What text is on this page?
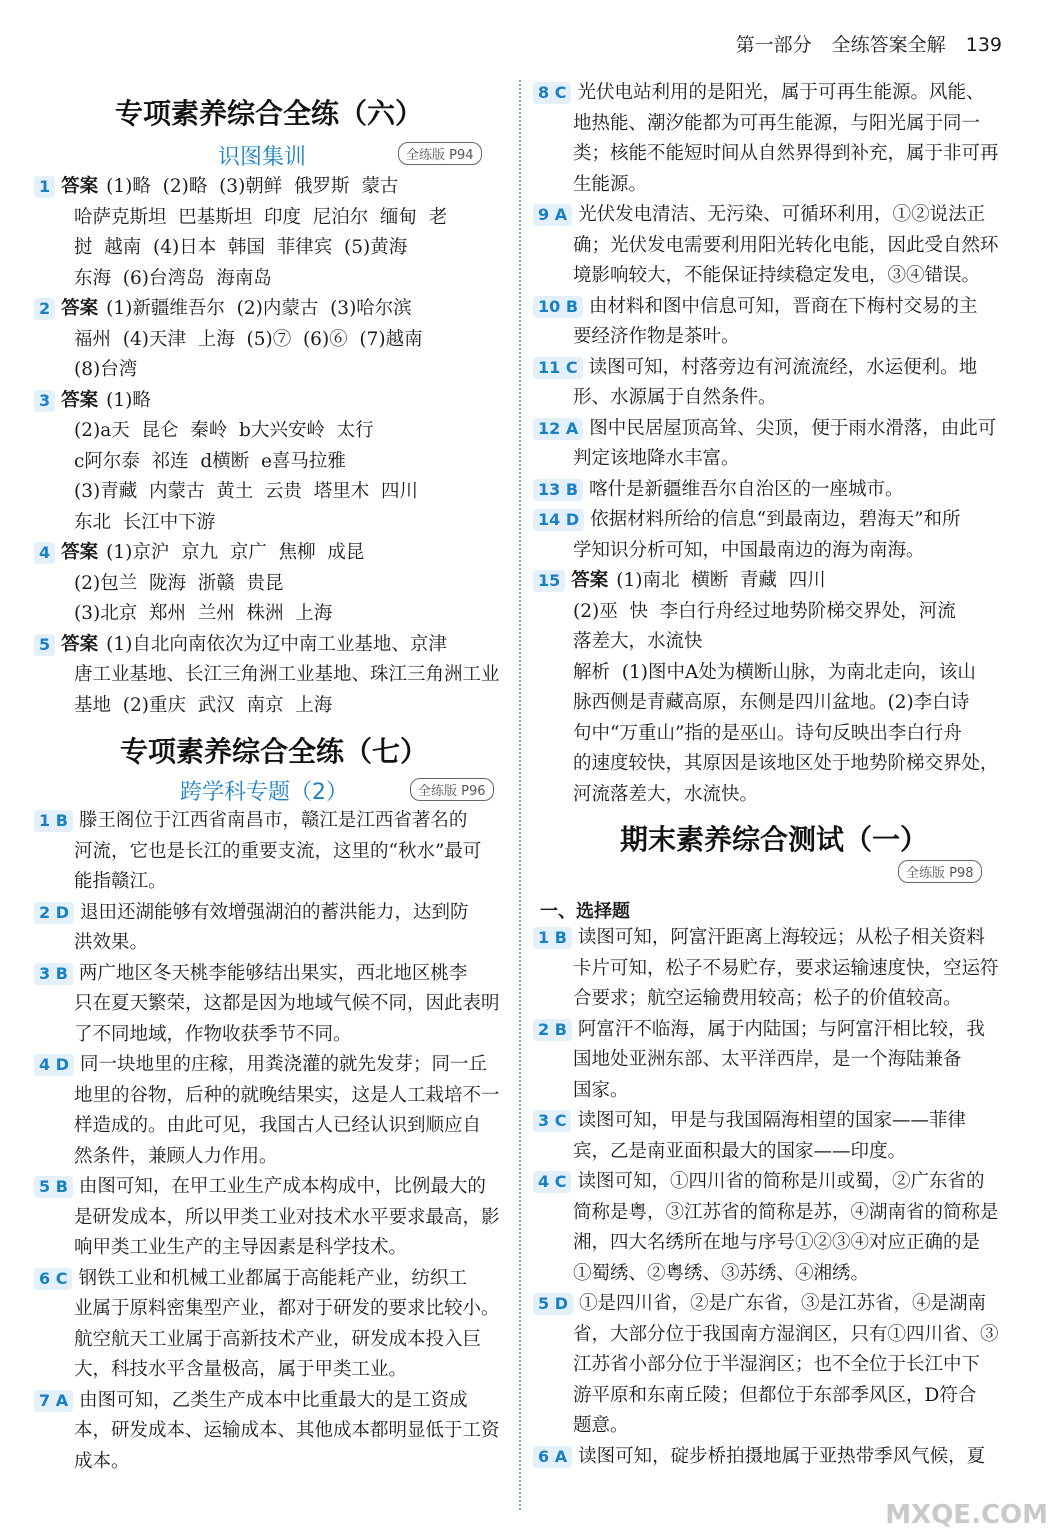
第一部分 全练答案全解 139
专项素养综合全练（六）
识图集训	全练版 P94
1 答案 (1)略  (2)略  (3)朝鲜  俄罗斯  蒙古
哈萨克斯坦  巴基斯坦  印度  尼泊尔  缅甸  老
挝  越南  (4)日本  韩国  菲律宾  (5)黄海
东海  (6)台湾岛  海南岛
2 答案 (1)新疆维吾尔  (2)内蒙古  (3)哈尔滨
福州  (4)天津  上海  (5)⑦  (6)⑥  (7)越南
(8)台湾
3 答案 (1)略
(2)a天  昆仑  秦岭  b大兴安岭  太行
c阿尔泰  祁连  d横断  e喜马拉雅
(3)青藏  内蒙古  黄土  云贵  塔里木  四川
东北  长江中下游
4 答案 (1)京沪  京九  京广  焦柳  成昆
(2)包兰  陇海  浙赣  贵昆
(3)北京  郑州  兰州  株洲  上海
5 答案 (1)自北向南依次为辽中南工业基地、京津
唐工业基地、长江三角洲工业基地、珠江三角洲工业
基地  (2)重庆  武汉  南京  上海
专项素养综合全练（七）
跨学科专题（2）	全练版 P96
1 B 滕王阁位于江西省南昌市，赣江是江西省著名的
河流，它也是长江的重要支流，这里的“秋水”最可
能指赣江。
2 D 退田还湖能够有效增强湖泊的蓄洪能力，达到防
洪效果。
3 B 两广地区冬天桃李能够结出果实，西北地区桃李
只在夏天繁荣，这都是因为地域气候不同，因此表明
了不同地域，作物收获季节不同。
4 D 同一块地里的庄稼，用粪浇灌的就先发芽；同一丘
地里的谷物，后种的就晚结果实，这是人工栽培不一
样造成的。由此可见，我国古人已经认识到顺应自
然条件，兼顾人力作用。
5 B 由图可知，在甲工业生产成本构成中，比例最大的
是研发成本，所以甲类工业对技术水平要求最高，影
响甲类工业生产的主导因素是科学技术。
6 C 钢铁工业和机械工业都属于高能耗产业，纺织工
业属于原料密集型产业，都对于研发的要求比较小。
航空航天工业属于高新技术产业，研发成本投入巨
大，科技水平含量极高，属于甲类工业。
7 A 由图可知，乙类生产成本中比重最大的是工资成
本，研发成本、运输成本、其他成本都明显低于工资
成本。
8 C 光伏电站利用的是阳光，属于可再生能源。风能、
地热能、潮汐能都为可再生能源，与阳光属于同一
类；核能不能短时间从自然界得到补充，属于非可再
生能源。
9 A 光伏发电清洁、无污染、可循环利用，①②说法正
确；光伏发电需要利用阳光转化电能，因此受自然环
境影响较大，不能保证持续稳定发电，③④错误。
10 B 由材料和图中信息可知，晋商在下梅村交易的主
要经济作物是茶叶。
11 C 读图可知，村落旁边有河流流经，水运便利。地
形、水源属于自然条件。
12 A 图中民居屋顶高耸、尖顶，便于雨水滑落，由此可
判定该地降水丰富。
13 B 喀什是新疆维吾尔自治区的一座城市。
14 D 依据材料所给的信息“到最南边，碧海天”和所
学知识分析可知，中国最南边的海为南海。
15 答案 (1)南北  横断  青藏  四川
(2)巫  快  李白行舟经过地势阶梯交界处，河流
落差大，水流快
解析  (1)图中A处为横断山脉，为南北走向，该山
脉西侧是青藏高原，东侧是四川盆地。(2)李白诗
句中“万重山”指的是巫山。诗句反映出李白行舟
的速度较快，其原因是该地区处于地势阶梯交界处，
河流落差大，水流快。
期末素养综合测试（一）
全练版 P98
一、选择题
1 B 读图可知，阿富汗距离上海较远；从松子相关资料
卡片可知，松子不易贮存，要求运输速度快，空运符
合要求；航空运输费用较高；松子的价值较高。
2 B 阿富汗不临海，属于内陆国；与阿富汗相比较，我
国地处亚洲东部、太平洋西岸，是一个海陆兼备
国家。
3 C 读图可知，甲是与我国隔海相望的国家——菲律
宾，乙是南亚面积最大的国家——印度。
4 C 读图可知，①四川省的简称是川或蜀，②广东省的
简称是粤，③江苏省的简称是苏，④湖南省的简称是
湘，四大名绣所在地与序号①②③④对应正确的是
①蜀绣、②粤绣、③苏绣、④湘绣。
5 D ①是四川省，②是广东省，③是江苏省，④是湖南
省，大部分位于我国南方湿润区，只有①四川省、③
江苏省小部分位于半湿润区；也不全位于长江中下
游平原和东南丘陵；但都位于东部季风区，D符合
题意。
6 A 读图可知，碇步桥拍摄地属于亚热带季风气候，夏
MXQE.COM
